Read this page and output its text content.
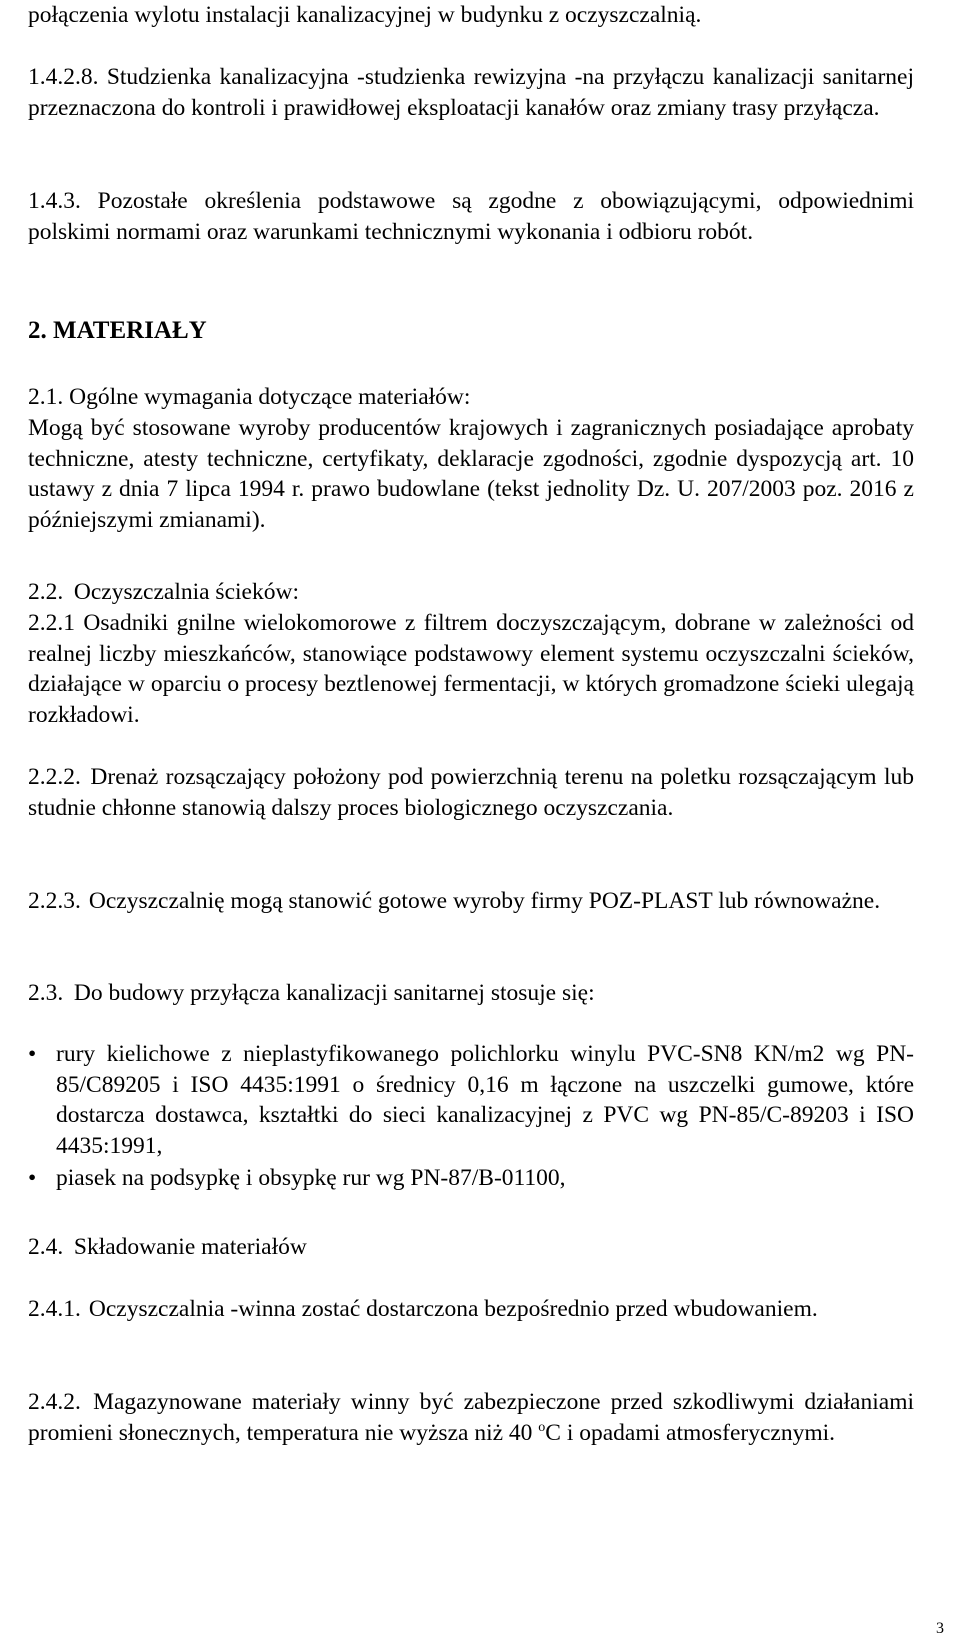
połączenia wylotu instalacji kanalizacyjnej w budynku z oczyszczalnią.

1.4.2.8. Studzienka kanalizacyjna -studzienka rewizyjna -na przyłączu kanalizacji sanitarnej przeznaczona do kontroli i prawidłowej eksploatacji kanałów oraz zmiany trasy przyłącza.

1.4.3. Pozostałe określenia podstawowe są zgodne z obowiązującymi, odpowiednimi polskimi normami oraz warunkami technicznymi wykonania i odbioru robót.

2. MATERIAŁY

2.1. Ogólne wymagania dotyczące materiałów:

Mogą być stosowane wyroby producentów krajowych i zagranicznych posiadające aprobaty techniczne, atesty techniczne, certyfikaty, deklaracje zgodności, zgodnie dyspozycją art. 10 ustawy z dnia 7 lipca 1994 r. prawo budowlane (tekst jednolity Dz. U. 207/2003 poz. 2016 z późniejszymi zmianami).

2.2. Oczyszczalnia ścieków:

2.2.1 Osadniki gnilne wielokomorowe z filtrem doczyszczającym, dobrane w zależności od realnej liczby mieszkańców, stanowiące podstawowy element systemu oczyszczalni ścieków, działające w oparciu o procesy beztlenowej fermentacji, w których gromadzone ścieki ulegają rozkładowi.

2.2.2. Drenaż rozsączający położony pod powierzchnią terenu na poletku rozsączającym lub studnie chłonne stanowią dalszy proces biologicznego oczyszczania.

2.2.3. Oczyszczalnię mogą stanowić gotowe wyroby firmy POZ-PLAST lub równoważne.

2.3. Do budowy przyłącza kanalizacji sanitarnej stosuje się:

• rury kielichowe z nieplastyfikowanego polichlorku winylu PVC-SN8 KN/m2 wg PN- 85/C89205 i ISO 4435:1991 o średnicy 0,16 m łączone na uszczelki gumowe, które dostarcza dostawca, kształtki do sieci kanalizacyjnej z PVC wg PN-85/C-89203 i ISO 4435:1991,

• piasek na podsypkę i obsypkę rur wg PN-87/B-01100,

2.4. Składowanie materiałów

2.4.1. Oczyszczalnia -winna zostać dostarczona bezpośrednio przed wbudowaniem.

2.4.2. Magazynowane materiały winny być zabezpieczone przed szkodliwymi działaniami promieni słonecznych, temperatura nie wyższa niż 40 $^o$C i opadami atmosferycznymi.

3
